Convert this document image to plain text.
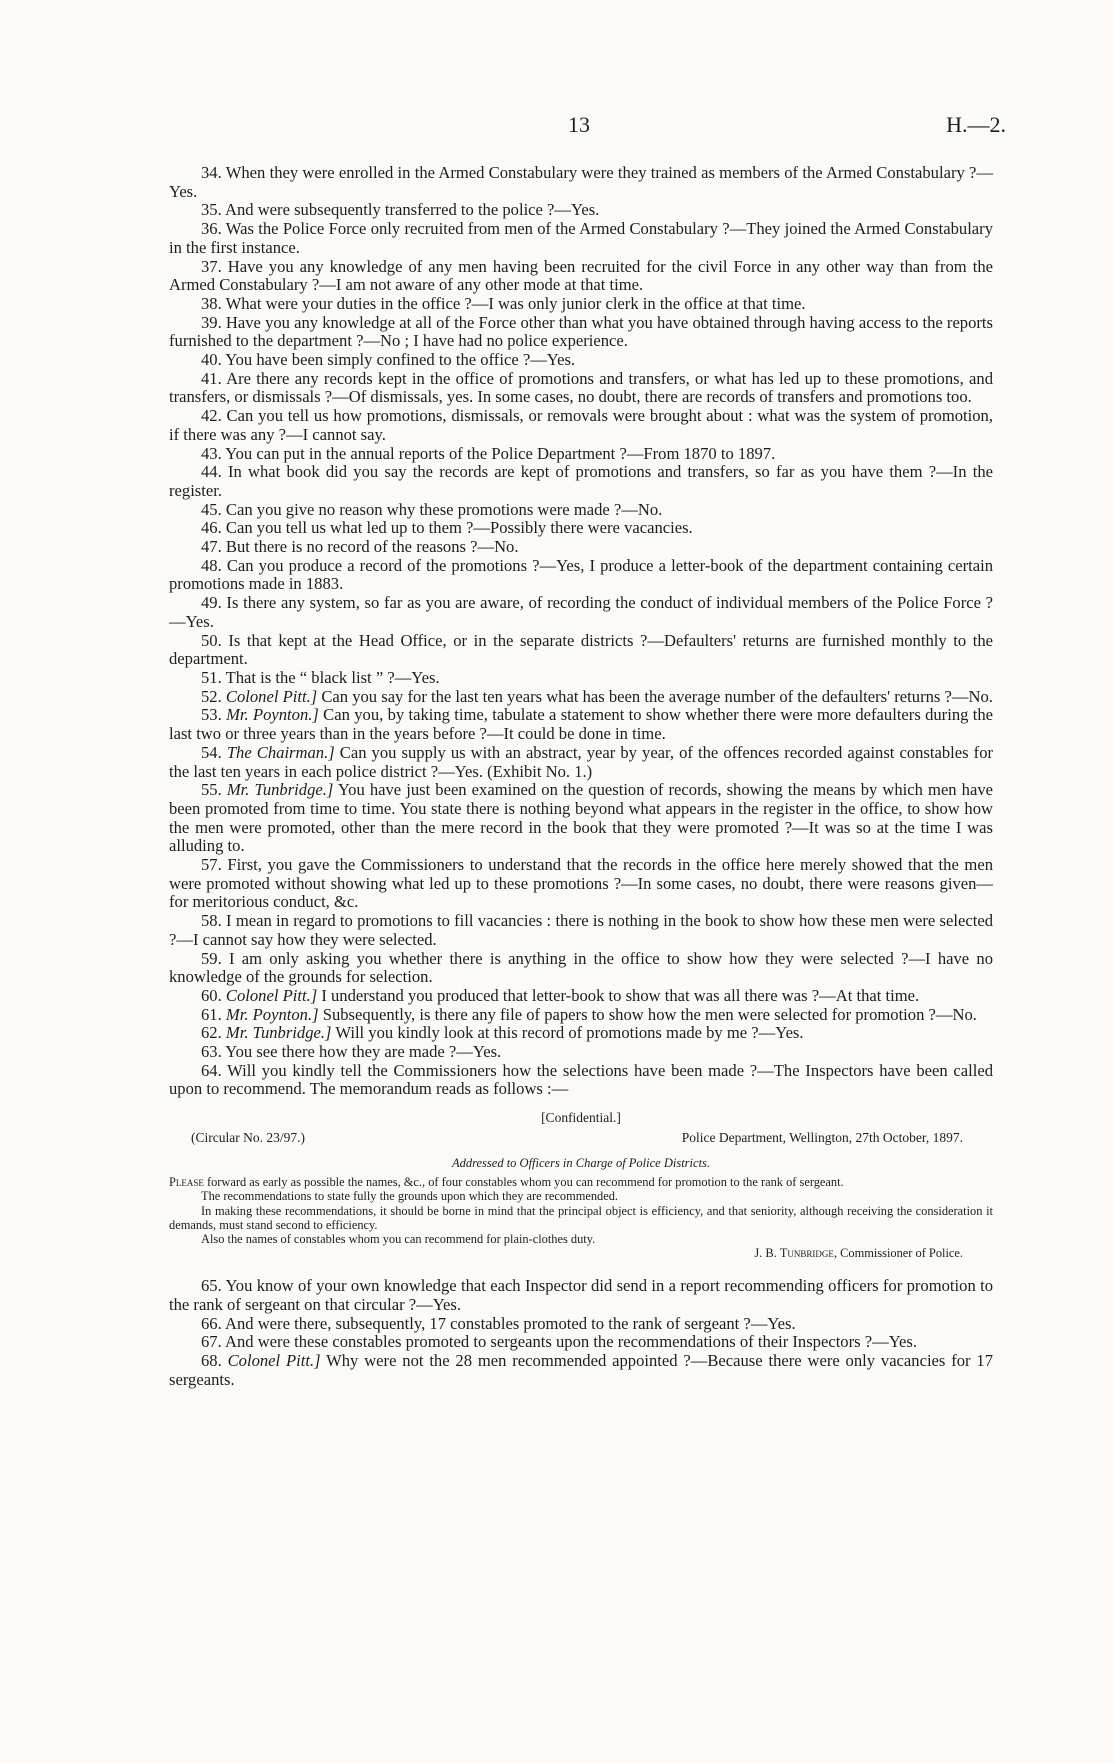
13	H.—2.

34. When they were enrolled in the Armed Constabulary were they trained as members of the Armed Constabulary ?—Yes.

35. And were subsequently transferred to the police ?—Yes.

36. Was the Police Force only recruited from men of the Armed Constabulary ?—They joined the Armed Constabulary in the first instance.

37. Have you any knowledge of any men having been recruited for the civil Force in any other way than from the Armed Constabulary ?—I am not aware of any other mode at that time.

38. What were your duties in the office ?—I was only junior clerk in the office at that time.

39. Have you any knowledge at all of the Force other than what you have obtained through having access to the reports furnished to the department ?—No ; I have had no police experience.

40. You have been simply confined to the office ?—Yes.

41. Are there any records kept in the office of promotions and transfers, or what has led up to these promotions, and transfers, or dismissals ?—Of dismissals, yes. In some cases, no doubt, there are records of transfers and promotions too.

42. Can you tell us how promotions, dismissals, or removals were brought about : what was the system of promotion, if there was any ?—I cannot say.

43. You can put in the annual reports of the Police Department ?—From 1870 to 1897.

44. In what book did you say the records are kept of promotions and transfers, so far as you have them ?—In the register.

45. Can you give no reason why these promotions were made ?—No.

46. Can you tell us what led up to them ?—Possibly there were vacancies.

47. But there is no record of the reasons ?—No.

48. Can you produce a record of the promotions ?—Yes, I produce a letter-book of the department containing certain promotions made in 1883.

49. Is there any system, so far as you are aware, of recording the conduct of individual members of the Police Force ?—Yes.

50. Is that kept at the Head Office, or in the separate districts ?—Defaulters' returns are furnished monthly to the department.

51. That is the “ black list ” ?—Yes.

52. Colonel Pitt.] Can you say for the last ten years what has been the average number of the defaulters' returns ?—No.

53. Mr. Poynton.] Can you, by taking time, tabulate a statement to show whether there were more defaulters during the last two or three years than in the years before ?—It could be done in time.

54. The Chairman.] Can you supply us with an abstract, year by year, of the offences recorded against constables for the last ten years in each police district ?—Yes. (Exhibit No. 1.)

55. Mr. Tunbridge.] You have just been examined on the question of records, showing the means by which men have been promoted from time to time. You state there is nothing beyond what appears in the register in the office, to show how the men were promoted, other than the mere record in the book that they were promoted ?—It was so at the time I was alluding to.

57. First, you gave the Commissioners to understand that the records in the office here merely showed that the men were promoted without showing what led up to these promotions ?—In some cases, no doubt, there were reasons given—for meritorious conduct, &c.

58. I mean in regard to promotions to fill vacancies : there is nothing in the book to show how these men were selected ?—I cannot say how they were selected.

59. I am only asking you whether there is anything in the office to show how they were selected ?—I have no knowledge of the grounds for selection.

60. Colonel Pitt.] I understand you produced that letter-book to show that was all there was ?—At that time.

61. Mr. Poynton.] Subsequently, is there any file of papers to show how the men were selected for promotion ?—No.

62. Mr. Tunbridge.] Will you kindly look at this record of promotions made by me ?—Yes.

63. You see there how they are made ?—Yes.

64. Will you kindly tell the Commissioners how the selections have been made ?—The Inspectors have been called upon to recommend. The memorandum reads as follows :—

[Confidential.]
(Circular No. 23/97.)	Police Department, Wellington, 27th October, 1897.
Addressed to Officers in Charge of Police Districts.

Please forward as early as possible the names, &c., of four constables whom you can recommend for promotion to the rank of sergeant.

The recommendations to state fully the grounds upon which they are recommended.

In making these recommendations, it should be borne in mind that the principal object is efficiency, and that seniority, although receiving the consideration it demands, must stand second to efficiency.

Also the names of constables whom you can recommend for plain-clothes duty.

J. B. Tunbridge, Commissioner of Police.

65. You know of your own knowledge that each Inspector did send in a report recommending officers for promotion to the rank of sergeant on that circular ?—Yes.

66. And were there, subsequently, 17 constables promoted to the rank of sergeant ?—Yes.

67. And were these constables promoted to sergeants upon the recommendations of their Inspectors ?—Yes.

68. Colonel Pitt.] Why were not the 28 men recommended appointed ?—Because there were only vacancies for 17 sergeants.
